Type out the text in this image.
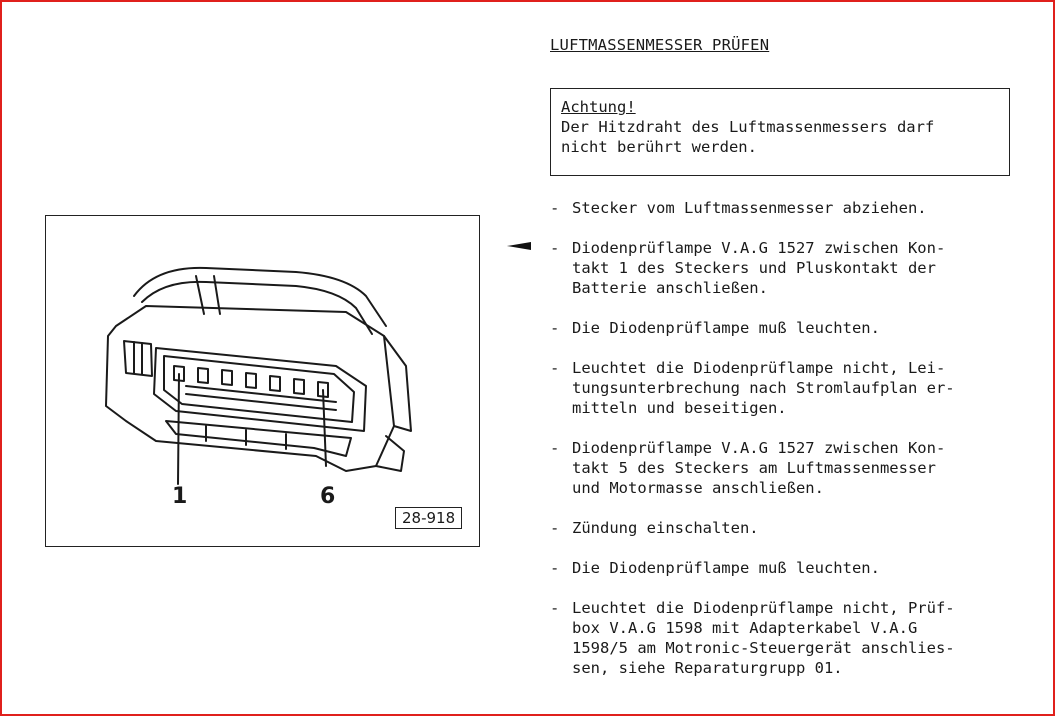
LUFTMASSENMESSER PRÜFEN
Achtung!
Der Hitzdraht des Luftmassenmessers darf
nicht berührt werden.
- Stecker vom Luftmassenmesser abziehen.
- Diodenprüflampe V.A.G 1527 zwischen Kon-
takt 1 des Steckers und Pluskontakt der
Batterie anschließen.
- Die Diodenprüflampe muß leuchten.
- Leuchtet die Diodenprüflampe nicht, Lei-
tungsunterbrechung nach Stromlaufplan er-
mitteln und beseitigen.
- Diodenprüflampe V.A.G 1527 zwischen Kon-
takt 5 des Steckers am Luftmassenmesser
und Motormasse anschließen.
- Zündung einschalten.
- Die Diodenprüflampe muß leuchten.
- Leuchtet die Diodenprüflampe nicht, Prüf-
box V.A.G 1598 mit Adapterkabel V.A.G
1598/5 am Motronic-Steuergerät anschlies-
sen, siehe Reparaturgrupp 01.
1	6
28-918
